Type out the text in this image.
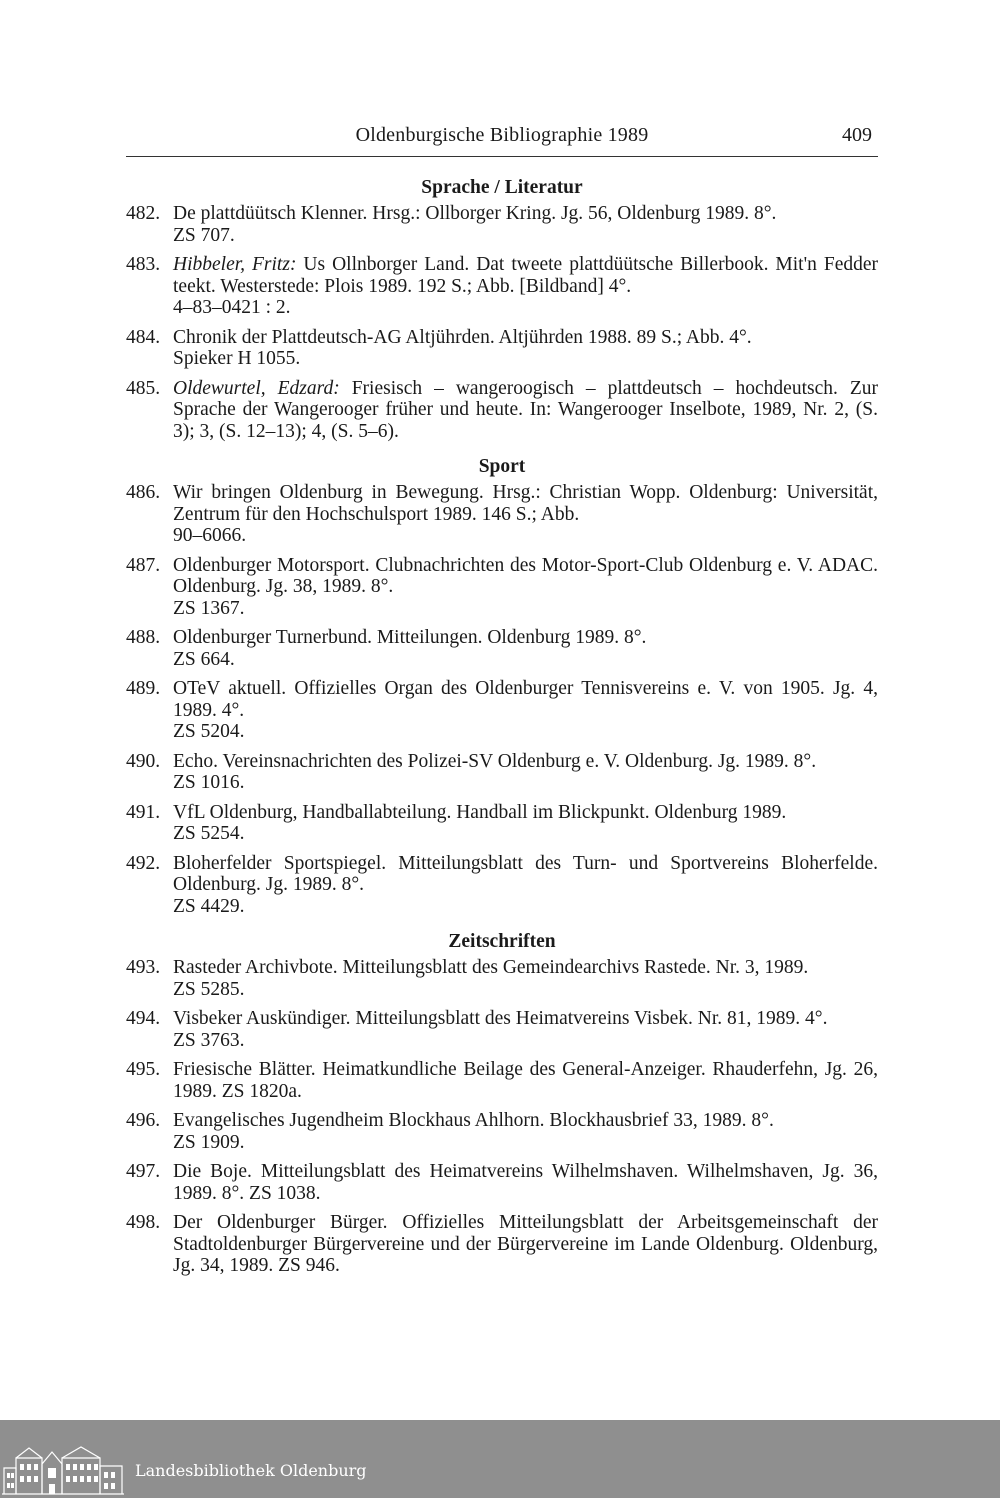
Oldenburgische Bibliographie 1989	409
Sprache / Literatur
482. De plattdüütsch Klenner. Hrsg.: Ollborger Kring. Jg. 56, Oldenburg 1989. 8°.
ZS 707.
483. Hibbeler, Fritz: Us Ollnborger Land. Dat tweete plattdüütsche Billerbook. Mit'n Fedder teekt. Westerstede: Plois 1989. 192 S.; Abb. [Bildband] 4°.
4–83–0421 : 2.
484. Chronik der Plattdeutsch-AG Altjührden. Altjührden 1988. 89 S.; Abb. 4°.
Spieker H 1055.
485. Oldewurtel, Edzard: Friesisch – wangeroogisch – plattdeutsch – hochdeutsch. Zur Sprache der Wangerooger früher und heute. In: Wangerooger Inselbote, 1989, Nr. 2, (S. 3); 3, (S. 12–13); 4, (S. 5–6).
Sport
486. Wir bringen Oldenburg in Bewegung. Hrsg.: Christian Wopp. Oldenburg: Universität, Zentrum für den Hochschulsport 1989. 146 S.; Abb.
90–6066.
487. Oldenburger Motorsport. Clubnachrichten des Motor-Sport-Club Oldenburg e. V. ADAC. Oldenburg. Jg. 38, 1989. 8°.
ZS 1367.
488. Oldenburger Turnerbund. Mitteilungen. Oldenburg 1989. 8°.
ZS 664.
489. OTeV aktuell. Offizielles Organ des Oldenburger Tennisvereins e. V. von 1905. Jg. 4, 1989. 4°.
ZS 5204.
490. Echo. Vereinsnachrichten des Polizei-SV Oldenburg e. V. Oldenburg. Jg. 1989. 8°.
ZS 1016.
491. VfL Oldenburg, Handballabteilung. Handball im Blickpunkt. Oldenburg 1989.
ZS 5254.
492. Bloherfelder Sportspiegel. Mitteilungsblatt des Turn- und Sportvereins Bloherfelde. Oldenburg. Jg. 1989. 8°.
ZS 4429.
Zeitschriften
493. Rasteder Archivbote. Mitteilungsblatt des Gemeindearchivs Rastede. Nr. 3, 1989.
ZS 5285.
494. Visbeker Auskündiger. Mitteilungsblatt des Heimatvereins Visbek. Nr. 81, 1989. 4°.
ZS 3763.
495. Friesische Blätter. Heimatkundliche Beilage des General-Anzeiger. Rhauderfehn, Jg. 26, 1989. ZS 1820a.
496. Evangelisches Jugendheim Blockhaus Ahlhorn. Blockhausbrief 33, 1989. 8°.
ZS 1909.
497. Die Boje. Mitteilungsblatt des Heimatvereins Wilhelmshaven. Wilhelmshaven, Jg. 36, 1989. 8°. ZS 1038.
498. Der Oldenburger Bürger. Offizielles Mitteilungsblatt der Arbeitsgemeinschaft der Stadtoldenburger Bürgervereine und der Bürgervereine im Lande Oldenburg. Oldenburg, Jg. 34, 1989. ZS 946.
Landesbibliothek Oldenburg
